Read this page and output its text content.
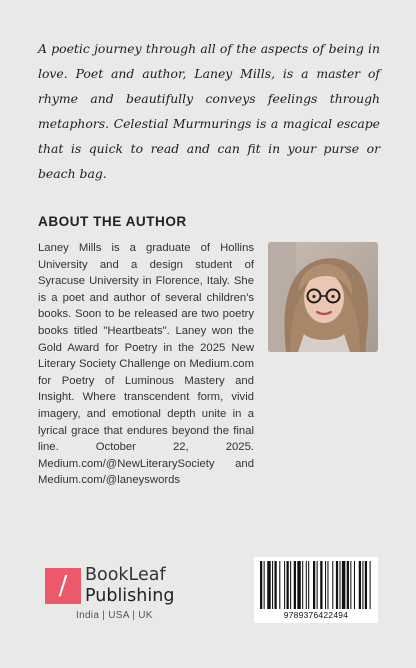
A poetic journey through all of the aspects of being in love. Poet and author, Laney Mills, is a master of rhyme and beautifully conveys feelings through metaphors. Celestial Murmurings is a magical escape that is quick to read and can fit in your purse or beach bag.

ABOUT THE AUTHOR

Laney Mills is a graduate of Hollins University and a design student of Syracuse University in Florence, Italy. She is a poet and author of several children's books. Soon to be released are two poetry books titled "Heartbeats". Laney won the Gold Award for Poetry in the 2025 New Literary Society Challenge on Medium.com for Poetry of Luminous Mastery and Insight. Where transcendent form, vivid imagery, and emotional depth unite in a lyrical grace that endures beyond the final line. October 22, 2025. Medium.com/@NewLiterarySociety and Medium.com/@laneyswords

/	BookLeaf
Publishing
India | USA | UK	9789376422494
